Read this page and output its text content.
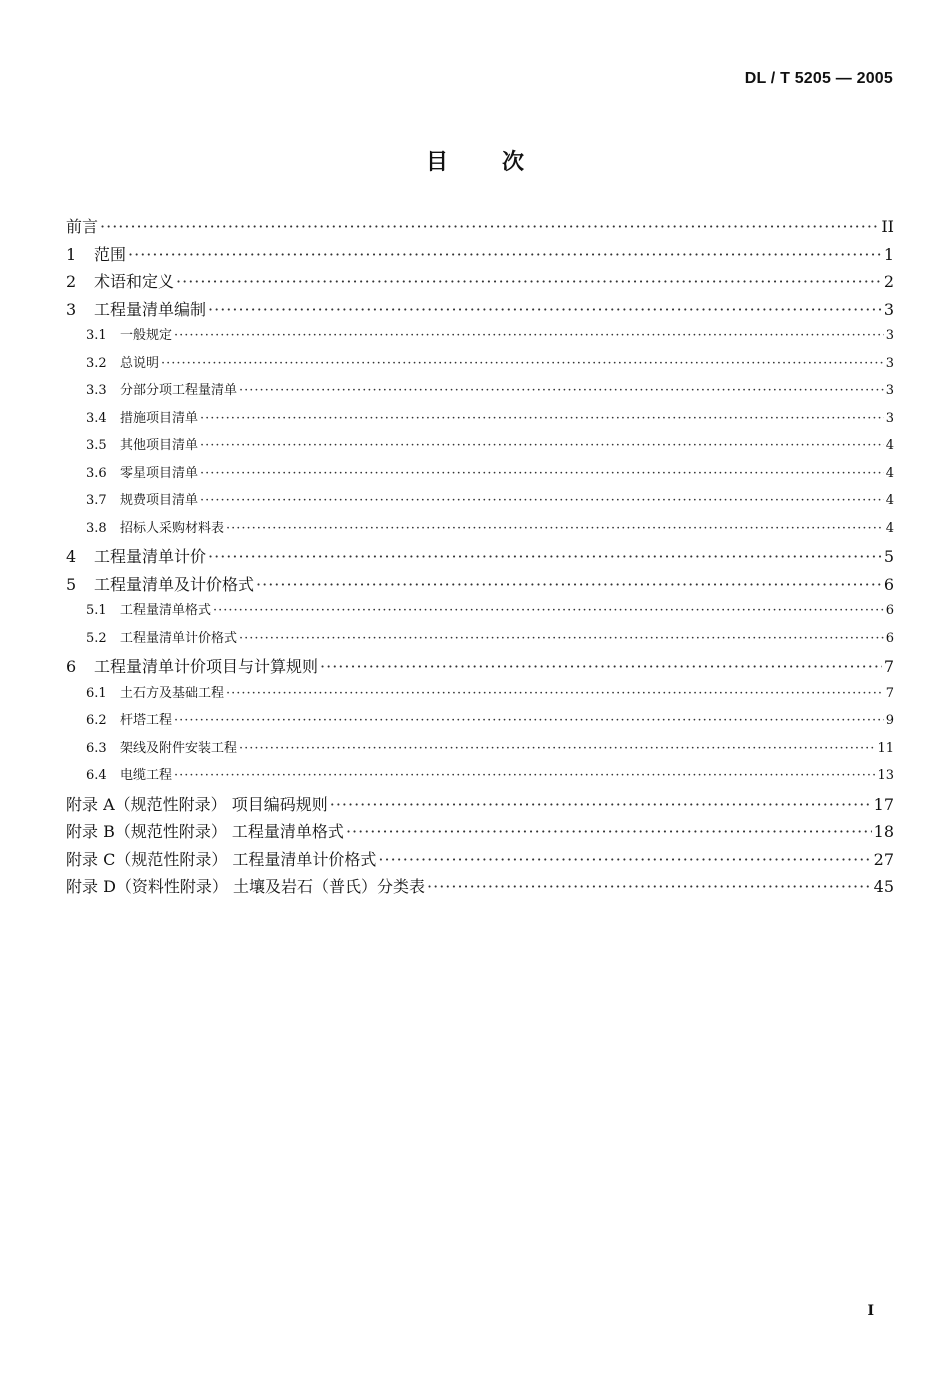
DL / T 5205 — 2005
目 次
前言 ·····	II
1	范围 ·····	1
2	术语和定义 ·····	2
3	工程量清单编制 ·····	3
3.1	一般规定 ·····	3
3.2	总说明 ·····	3
3.3	分部分项工程量清单 ·····	3
3.4	措施项目清单 ·····	3
3.5	其他项目清单 ·····	4
3.6	零星项目清单 ·····	4
3.7	规费项目清单 ·····	4
3.8	招标人采购材料表 ·····	4
4	工程量清单计价 ·····	5
5	工程量清单及计价格式 ·····	6
5.1	工程量清单格式 ·····	6
5.2	工程量清单计价格式 ·····	6
6	工程量清单计价项目与计算规则 ·····	7
6.1	土石方及基础工程 ·····	7
6.2	杆塔工程 ·····	9
6.3	架线及附件安装工程 ·····	11
6.4	电缆工程 ·····	13
附录 A（规范性附录） 项目编码规则 ·····	17
附录 B（规范性附录） 工程量清单格式 ·····	18
附录 C（规范性附录） 工程量清单计价格式 ·····	27
附录 D（资料性附录） 土壤及岩石（普氏）分类表 ·····	45
I
